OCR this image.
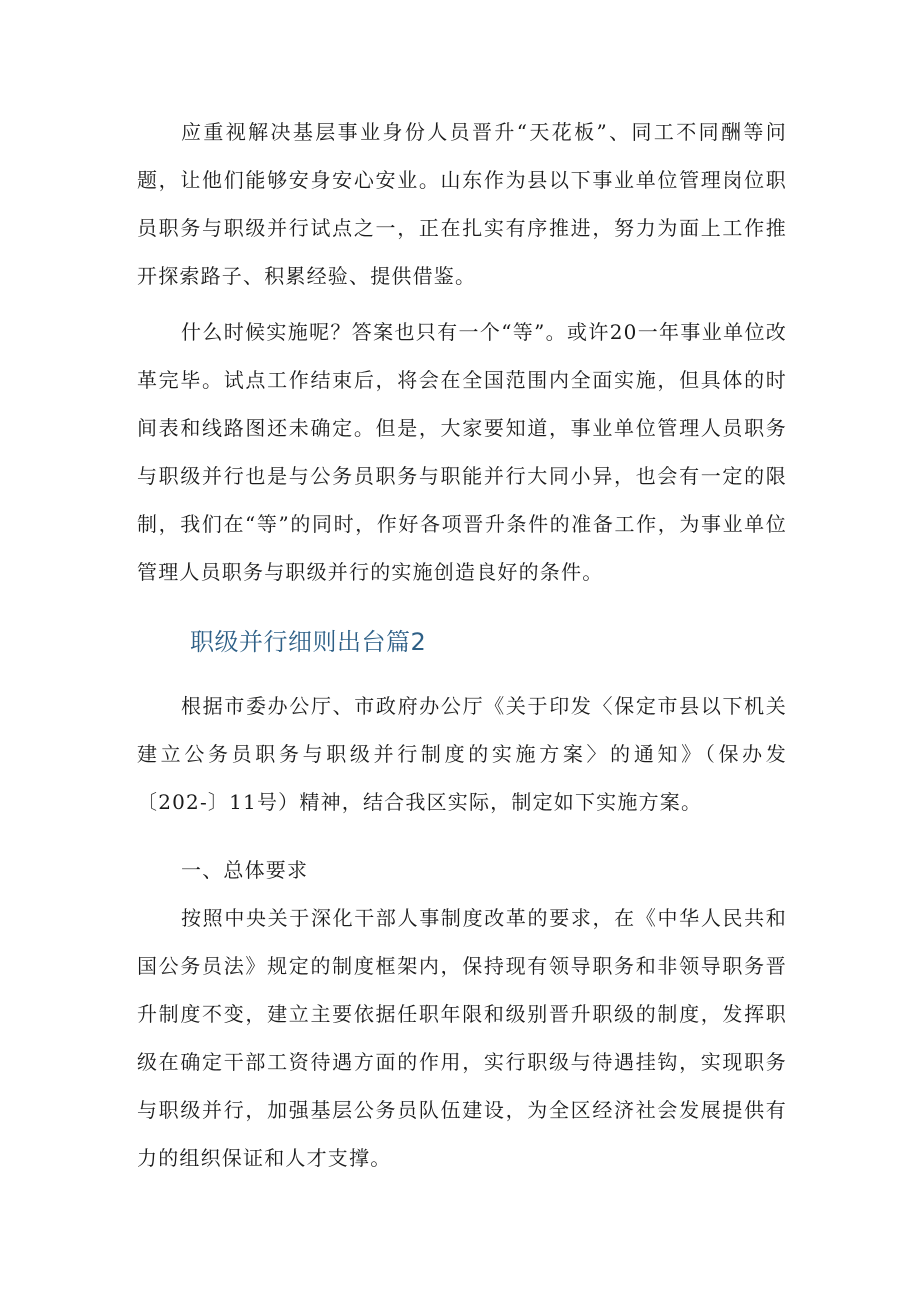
应重视解决基层事业身份人员晋升“天花板”、同工不同酬等问题，让他们能够安身安心安业。山东作为县以下事业单位管理岗位职员职务与职级并行试点之一，正在扎实有序推进，努力为面上工作推开探索路子、积累经验、提供借鉴。

什么时候实施呢？答案也只有一个“等”。或许20一年事业单位改革完毕。试点工作结束后，将会在全国范围内全面实施，但具体的时间表和线路图还未确定。但是，大家要知道，事业单位管理人员职务与职级并行也是与公务员职务与职能并行大同小异，也会有一定的限制，我们在“等”的同时，作好各项晋升条件的准备工作，为事业单位管理人员职务与职级并行的实施创造良好的条件。

职级并行细则出台篇2

根据市委办公厅、市政府办公厅《关于印发〈保定市县以下机关建立公务员职务与职级并行制度的实施方案〉的通知》（保办发〔202-〕11号）精神，结合我区实际，制定如下实施方案。

一、总体要求

按照中央关于深化干部人事制度改革的要求，在《中华人民共和国公务员法》规定的制度框架内，保持现有领导职务和非领导职务晋升制度不变，建立主要依据任职年限和级别晋升职级的制度，发挥职级在确定干部工资待遇方面的作用，实行职级与待遇挂钩，实现职务与职级并行，加强基层公务员队伍建设，为全区经济社会发展提供有力的组织保证和人才支撑。
